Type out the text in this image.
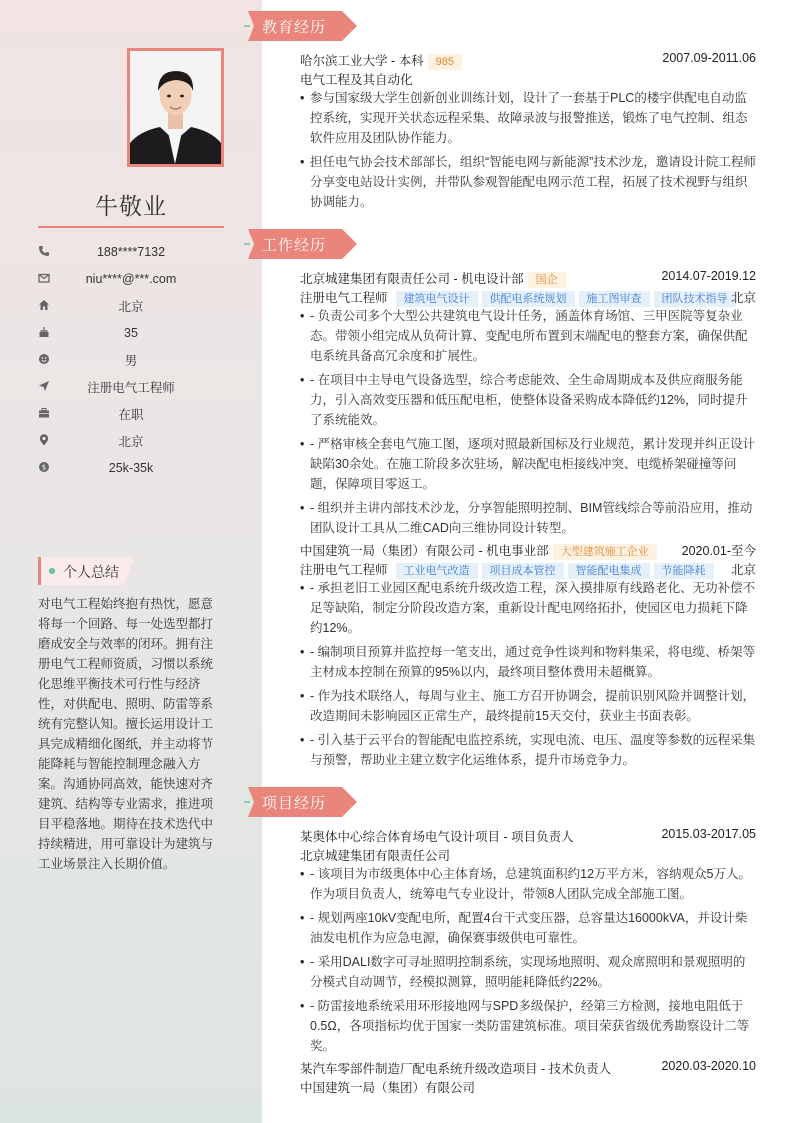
牛敬业
188****7132
niu****@***.com
北京
35
男
注册电气工程师
在职
北京
$	25k-35k
个人总结
对电气工程始终抱有热忱，愿意将每一个回路、每一处选型都打磨成安全与效率的闭环。拥有注册电气工程师资质，习惯以系统化思维平衡技术可行性与经济性，对供配电、照明、防雷等系统有完整认知。擅长运用设计工具完成精细化图纸，并主动将节能降耗与智能控制理念融入方案。沟通协同高效，能快速对齐建筑、结构等专业需求，推进项目平稳落地。期待在技术迭代中持续精进，用可靠设计为建筑与工业场景注入长期价值。
教育经历
哈尔滨工业大学 - 本科 985	2007.09-2011.06
电气工程及其自动化
• 参与国家级大学生创新创业训练计划，设计了一套基于PLC的楼宇供配电自动监控系统，实现开关状态远程采集、故障录波与报警推送，锻炼了电气控制、组态软件应用及团队协作能力。
• 担任电气协会技术部部长，组织“智能电网与新能源”技术沙龙，邀请设计院工程师分享变电站设计实例，并带队参观智能配电网示范工程，拓展了技术视野与组织协调能力。
工作经历
北京城建集团有限责任公司 - 机电设计部 国企	2014.07-2019.12
注册电气工程师 建筑电气设计 供配电系统规划 施工图审查 团队技术指导 北京
• - 负责公司多个大型公共建筑电气设计任务，涵盖体育场馆、三甲医院等复杂业态。带领小组完成从负荷计算、变配电所布置到末端配电的整套方案，确保供配电系统具备高冗余度和扩展性。
• - 在项目中主导电气设备选型，综合考虑能效、全生命周期成本及供应商服务能力，引入高效变压器和低压配电柜，使整体设备采购成本降低约12%，同时提升了系统能效。
• - 严格审核全套电气施工图，逐项对照最新国标及行业规范，累计发现并纠正设计缺陷30余处。在施工阶段多次驻场，解决配电柜接线冲突、电缆桥架碰撞等问题，保障项目零返工。
• - 组织并主讲内部技术沙龙，分享智能照明控制、BIM管线综合等前沿应用，推动团队设计工具从二维CAD向三维协同设计转型。
中国建筑一局（集团）有限公司 - 机电事业部 大型建筑施工企业	2020.01-至今
注册电气工程师 工业电气改造 项目成本管控 智能配电集成 节能降耗	北京
• - 承担老旧工业园区配电系统升级改造工程，深入摸排原有线路老化、无功补偿不足等缺陷，制定分阶段改造方案，重新设计配电网络拓扑，使园区电力损耗下降约12%。
• - 编制项目预算并监控每一笔支出，通过竞争性谈判和物料集采，将电缆、桥架等主材成本控制在预算的95%以内，最终项目整体费用未超概算。
• - 作为技术联络人，每周与业主、施工方召开协调会，提前识别风险并调整计划，改造期间未影响园区正常生产，最终提前15天交付，获业主书面表彰。
• - 引入基于云平台的智能配电监控系统，实现电流、电压、温度等参数的远程采集与预警，帮助业主建立数字化运维体系，提升市场竞争力。
项目经历
某奥体中心综合体育场电气设计项目 - 项目负责人	2015.03-2017.05
北京城建集团有限责任公司
• - 该项目为市级奥体中心主体育场，总建筑面积约12万平方米，容纳观众5万人。作为项目负责人，统筹电气专业设计，带领8人团队完成全部施工图。
• - 规划两座10kV变配电所，配置4台干式变压器，总容量达16000kVA，并设计柴油发电机作为应急电源，确保赛事级供电可靠性。
• - 采用DALI数字可寻址照明控制系统，实现场地照明、观众席照明和景观照明的分模式自动调节，经模拟测算，照明能耗降低约22%。
• - 防雷接地系统采用环形接地网与SPD多级保护，经第三方检测，接地电阻低于0.5Ω，各项指标均优于国家一类防雷建筑标准。项目荣获省级优秀勘察设计二等奖。
某汽车零部件制造厂配电系统升级改造项目 - 技术负责人	2020.03-2020.10
中国建筑一局（集团）有限公司
